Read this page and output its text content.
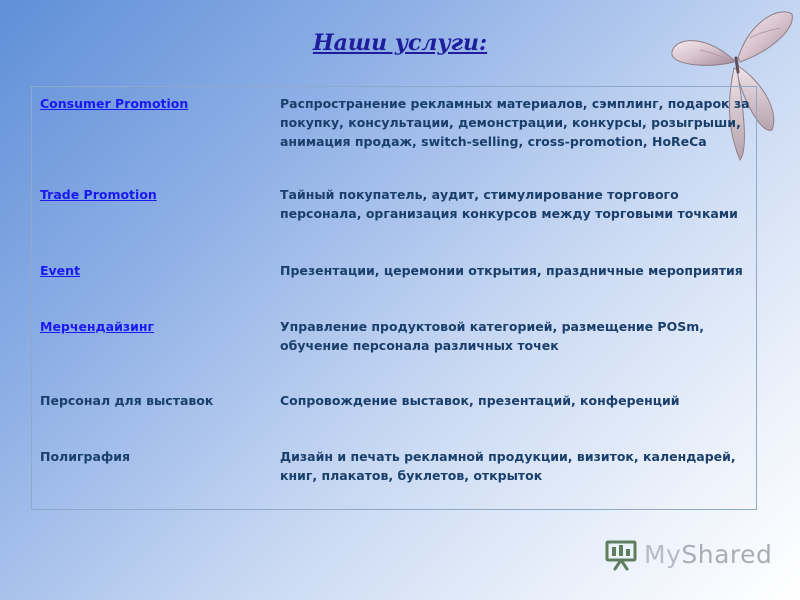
Наши услуги:
Consumer Promotion	Распространение рекламных материалов, сэмплинг, подарок за покупку, консультации, демонстрации, конкурсы, розыгрыши, анимация продаж, switch-selling, cross-promotion, HoReCa
Trade Promotion	Тайный покупатель, аудит, стимулирование торгового персонала, организация конкурсов между торговыми точками
Event	Презентации, церемонии открытия, праздничные мероприятия
Мерчендайзинг	Управление продуктовой категорией, размещение POSm, обучение персонала различных точек
Персонал для выставок	Сопровождение выставок, презентаций, конференций
Полиграфия	Дизайн и печать рекламной продукции, визиток, календарей, книг, плакатов, буклетов, открыток
MyShared
